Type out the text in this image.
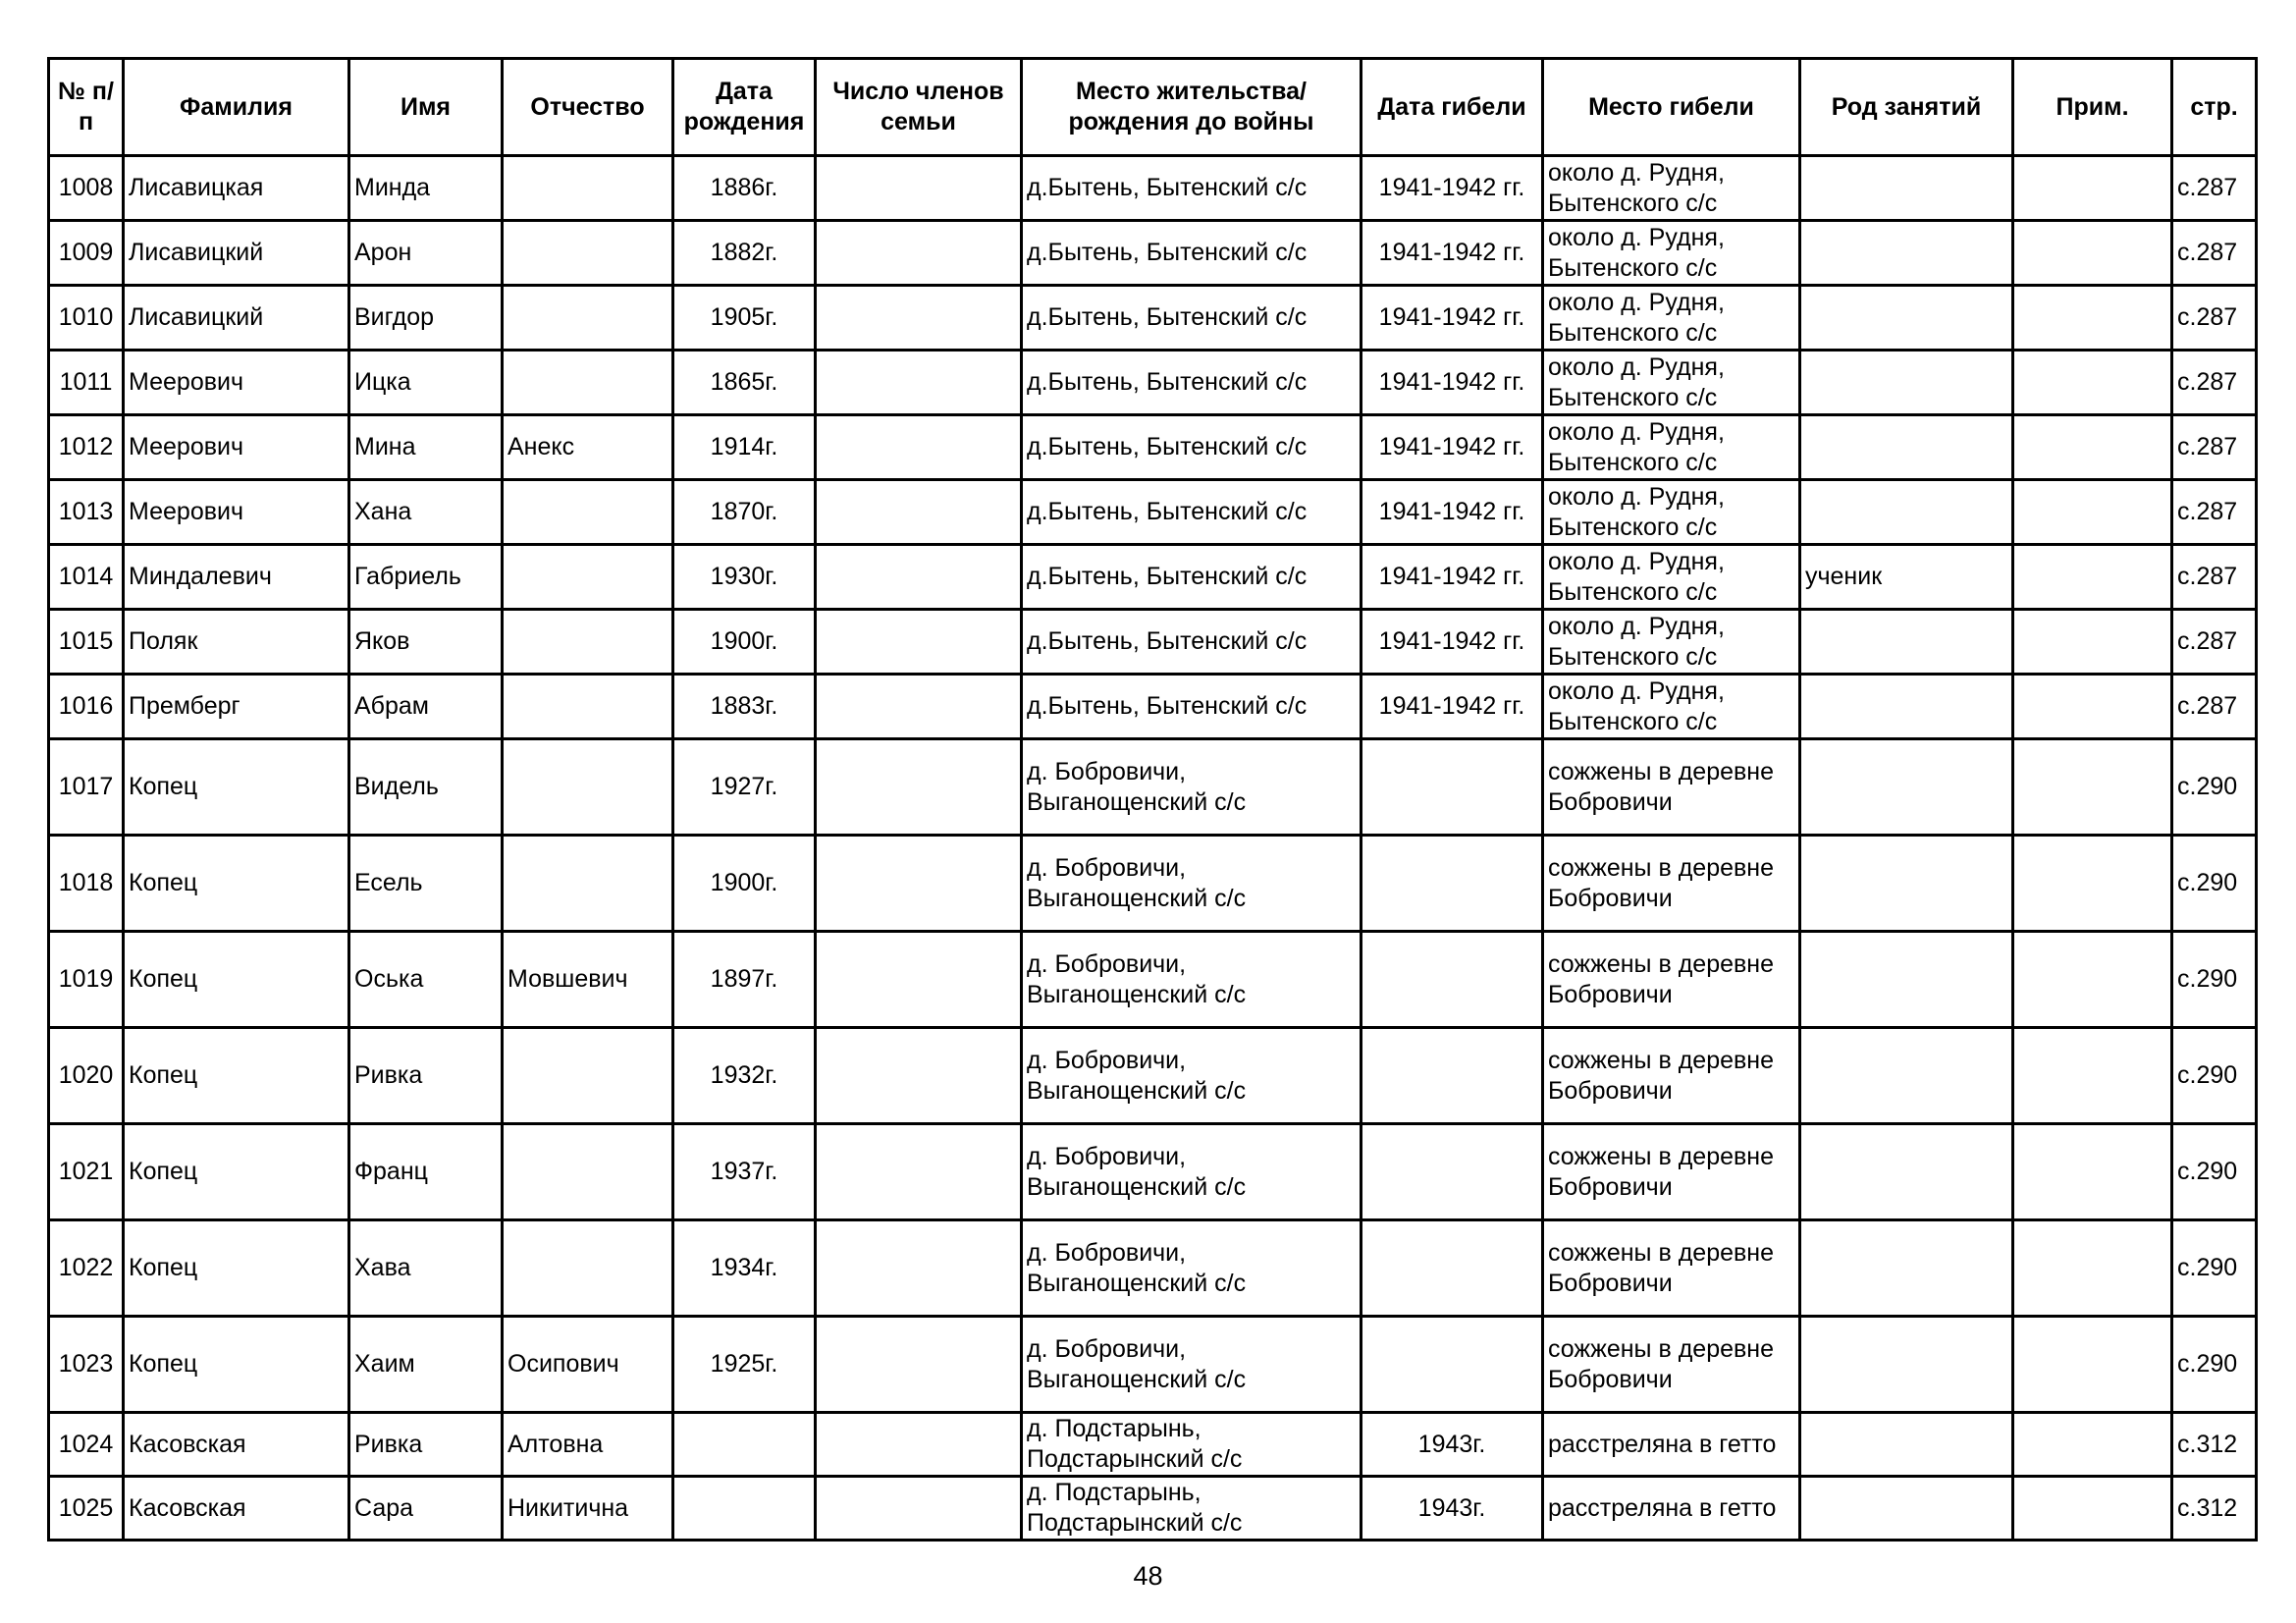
№ п/п	Фамилия	Имя	Отчество	Дата рождения	Число членов семьи	Место жительства/рождения до войны	Дата гибели	Место гибели	Род занятий	Прим.	стр.
1008	Лисавицкая	Минда		1886г.		д.Бытень, Бытенский с/с	1941-1942 гг.	около д. Рудня, Бытенского с/с			с.287
1009	Лисавицкий	Арон		1882г.		д.Бытень, Бытенский с/с	1941-1942 гг.	около д. Рудня, Бытенского с/с			с.287
1010	Лисавицкий	Вигдор		1905г.		д.Бытень, Бытенский с/с	1941-1942 гг.	около д. Рудня, Бытенского с/с			с.287
1011	Меерович	Ицка		1865г.		д.Бытень, Бытенский с/с	1941-1942 гг.	около д. Рудня, Бытенского с/с			с.287
1012	Меерович	Мина	Анекс	1914г.		д.Бытень, Бытенский с/с	1941-1942 гг.	около д. Рудня, Бытенского с/с			с.287
1013	Меерович	Хана		1870г.		д.Бытень, Бытенский с/с	1941-1942 гг.	около д. Рудня, Бытенского с/с			с.287
1014	Миндалевич	Габриель		1930г.		д.Бытень, Бытенский с/с	1941-1942 гг.	около д. Рудня, Бытенского с/с	ученик		с.287
1015	Поляк	Яков		1900г.		д.Бытень, Бытенский с/с	1941-1942 гг.	около д. Рудня, Бытенского с/с			с.287
1016	Премберг	Абрам		1883г.		д.Бытень, Бытенский с/с	1941-1942 гг.	около д. Рудня, Бытенского с/с			с.287
1017	Копец	Видель		1927г.		д. Бобровичи, Выганощенский с/с		сожжены в деревне Бобровичи			с.290
1018	Копец	Есель		1900г.		д. Бобровичи, Выганощенский с/с		сожжены в деревне Бобровичи			с.290
1019	Копец	Оська	Мовшевич	1897г.		д. Бобровичи, Выганощенский с/с		сожжены в деревне Бобровичи			с.290
1020	Копец	Ривка		1932г.		д. Бобровичи, Выганощенский с/с		сожжены в деревне Бобровичи			с.290
1021	Копец	Франц		1937г.		д. Бобровичи, Выганощенский с/с		сожжены в деревне Бобровичи			с.290
1022	Копец	Хава		1934г.		д. Бобровичи, Выганощенский с/с		сожжены в деревне Бобровичи			с.290
1023	Копец	Хаим	Осипович	1925г.		д. Бобровичи, Выганощенский с/с		сожжены в деревне Бобровичи			с.290
1024	Касовская	Ривка	Алтовна			д. Подстарынь, Подстарынский с/с	1943г.	расстреляна в гетто			с.312
1025	Касовская	Сара	Никитична			д. Подстарынь, Подстарынский с/с	1943г.	расстреляна в гетто			с.312
48
